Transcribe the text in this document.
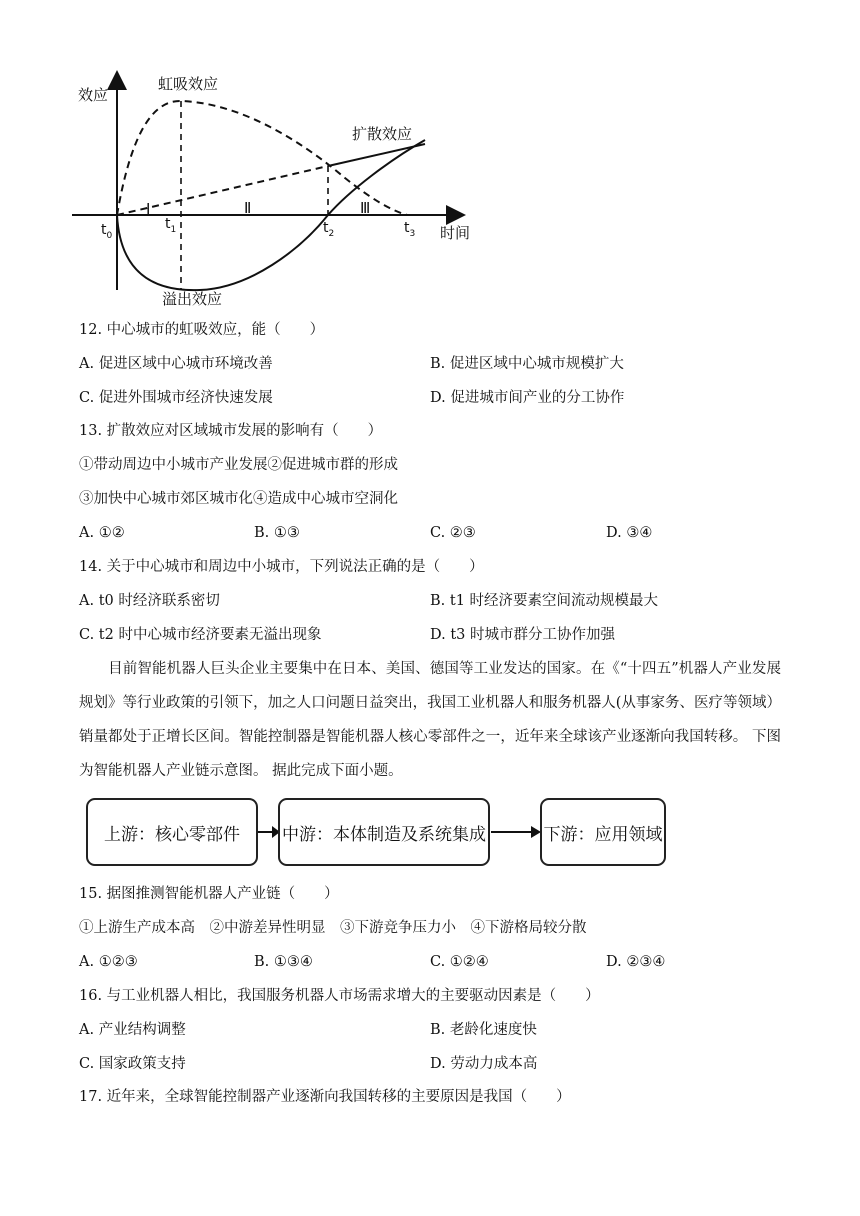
效应
时间
虹吸效应
扩散效应
溢出效应
Ⅰ	Ⅱ	Ⅲ
$t_0$
$t_1$	$t_2$	$t_3$
12. 中心城市的虹吸效应，能（　　）
A. 促进区域中心城市环境改善	B. 促进区域中心城市规模扩大
C. 促进外围城市经济快速发展	D. 促进城市间产业的分工协作
13. 扩散效应对区域城市发展的影响有（　　）
①带动周边中小城市产业发展②促进城市群的形成
③加快中心城市郊区城市化④造成中心城市空洞化
A. ①②	B. ①③	C. ②③	D. ③④
14. 关于中心城市和周边中小城市，下列说法正确的是（　　）
A. t0 时经济联系密切	B. t1 时经济要素空间流动规模最大
C. t2 时中心城市经济要素无溢出现象	D. t3 时城市群分工协作加强
目前智能机器人巨头企业主要集中在日本、美国、德国等工业发达的国家。在《“十四五”机器人产业发展规划》等行业政策的引领下，加之人口问题日益突出，我国工业机器人和服务机器人(从事家务、医疗等领域）销量都处于正增长区间。智能控制器是智能机器人核心零部件之一，近年来全球该产业逐渐向我国转移。 下图为智能机器人产业链示意图。 据此完成下面小题。
上游：核心零部件 中游：本体制造及系统集成	下游：应用领域
15. 据图推测智能机器人产业链（　　）
①上游生产成本高　②中游差异性明显　③下游竞争压力小　④下游格局较分散
A. ①②③	B. ①③④	C. ①②④	D. ②③④
16. 与工业机器人相比，我国服务机器人市场需求增大的主要驱动因素是（　　）
A. 产业结构调整	B. 老龄化速度快
C. 国家政策支持	D. 劳动力成本高
17. 近年来，全球智能控制器产业逐渐向我国转移的主要原因是我国（　　）
